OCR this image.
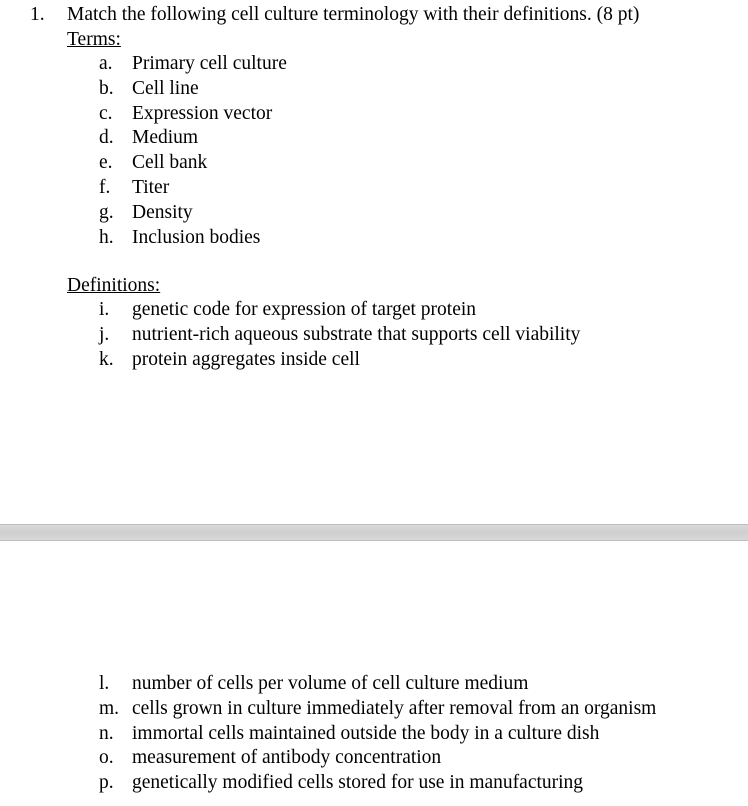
1. Match the following cell culture terminology with their definitions. (8 pt)
Terms:
a. Primary cell culture
b. Cell line
c. Expression vector
d. Medium
e. Cell bank
f. Titer
g. Density
h. Inclusion bodies
Definitions:
i. genetic code for expression of target protein
j. nutrient-rich aqueous substrate that supports cell viability
k. protein aggregates inside cell
l. number of cells per volume of cell culture medium
m. cells grown in culture immediately after removal from an organism
n. immortal cells maintained outside the body in a culture dish
o. measurement of antibody concentration
p. genetically modified cells stored for use in manufacturing
